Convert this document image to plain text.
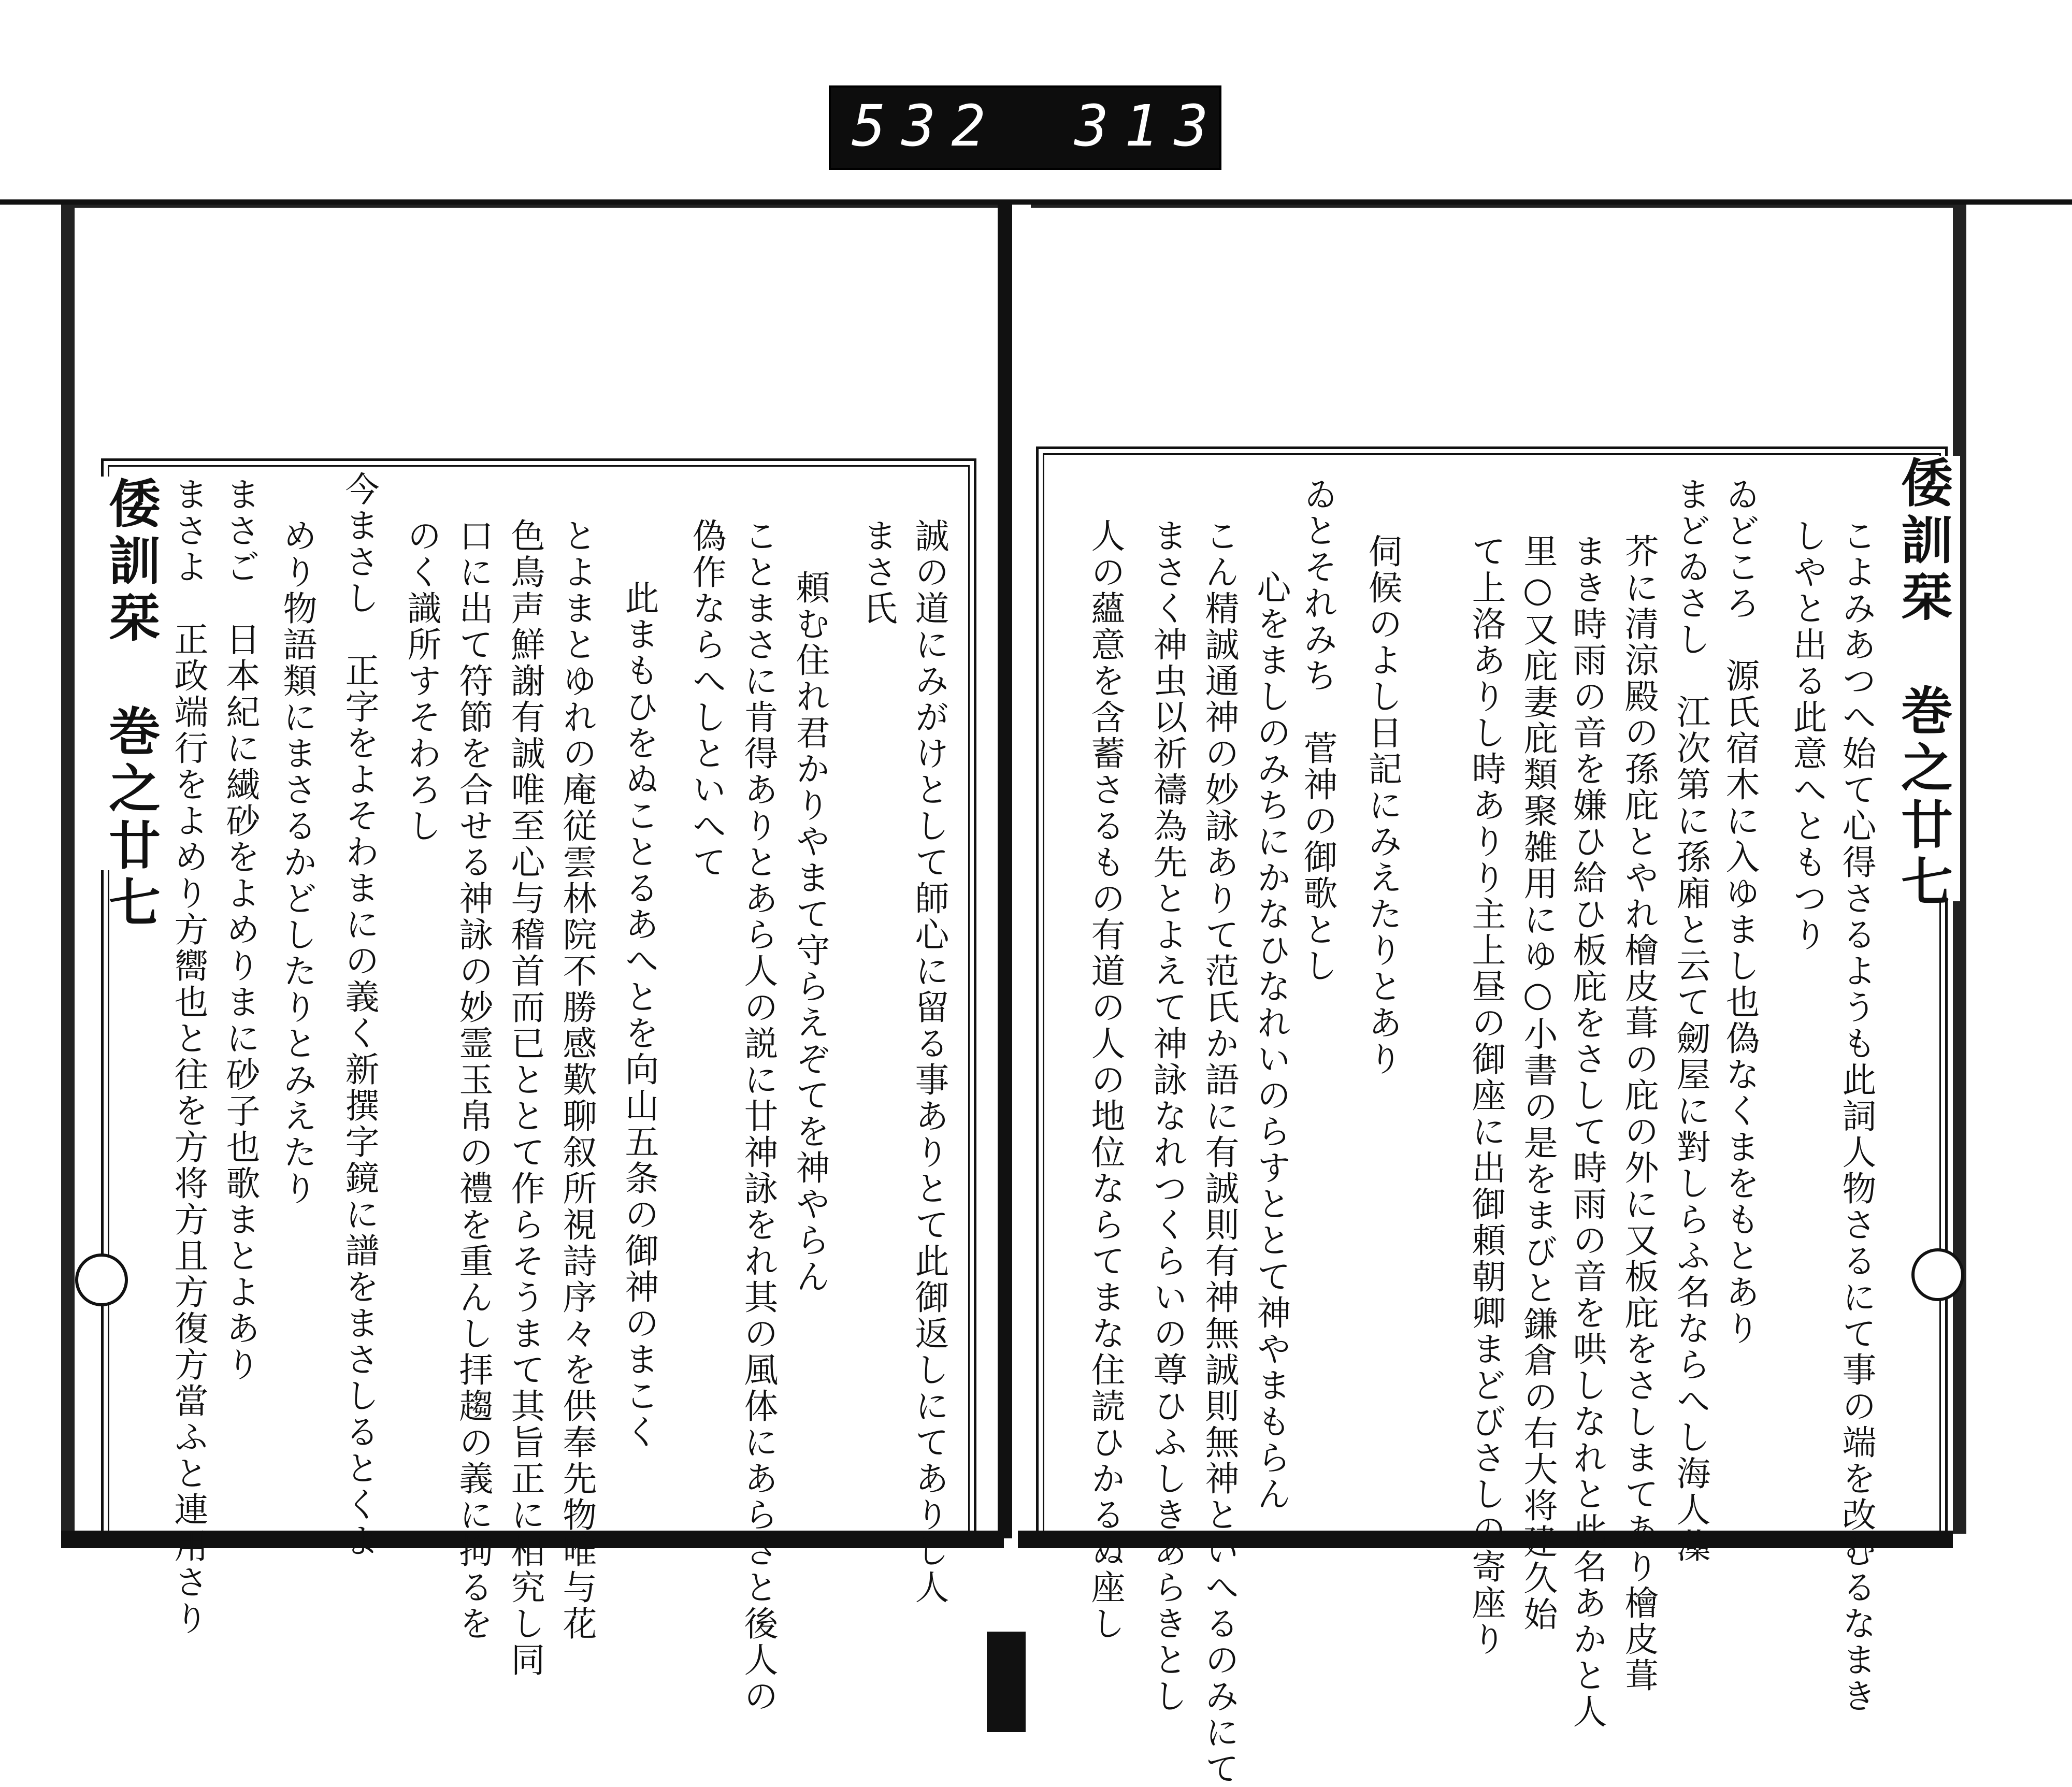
532 313
倭訓栞　巻之廿七	倭訓栞　巻之廿七
こよみあつへ始て心得さるようも此詞人物さるにて事の端を改むるなまき
しやと出る此意へともつり
ゐどころ　源氏宿木に入ゆまし也偽なくまをもとあり
まどゐさし　江次第に孫廂と云て劒屋に對しらふ名ならへし海人藻
芥に清涼殿の孫庇とやれ檜皮葺の庇の外に又板庇をさしまてあり檜皮葺
まき時雨の音を嫌ひ給ひ板庇をさして時雨の音を哄しなれと此名あかと人
里○又庇妻庇類聚雑用にゆ○小書の是をまびと鎌倉の右大将建久始
て上洛ありし時ありり主上昼の御座に出御頼朝卿まどびさしの寄座り
伺候のよし日記にみえたりとあり
ゐとそれみち　菅神の御歌とし
心をましのみちにかなひなれいのらすととて神やまもらん
こん精誠通神の妙詠ありて范氏か語に有誠則有神無誠則無神といへるのみにて
まさく神虫以祈禱為先とよえて神詠なれつくらいの尊ひふしきあらきとし
人の蘊意を含蓄さるもの有道の人の地位ならてまな住読ひかるぬ座し
誠の道にみがけとして師心に留る事ありとて此御返しにてありし人
まさ氏
頼む住れ君かりやまて守らえぞてを神やらん
ことまさに肯得ありとあら人の説に廿神詠をれ其の風体にあらさと後人の
偽作ならへしといへて
此まもひをぬことるあへとを向山五条の御神のまこく
とよまとゆれの庵従雲林院不勝感歎聊叙所視詩序々を供奉先物唯与花
色鳥声鮮謝有誠唯至心与稽首而已ととて作らそうまて其旨正に相究し同
口に出て符節を合せる神詠の妙霊玉帛の禮を重んし拝趨の義に拘るを
のく識所すそわろし
今まさし　正字をよそわまにの義く新撰字鏡に譜をまさしるとくよ
めり物語類にまさるかどしたりとみえたり
まさご　日本紀に繊砂をよめりまに砂子也歌まとよあり
まさよ　正政端行をよめり方嚮也と往を方将方且方復方當ふと連用さり
